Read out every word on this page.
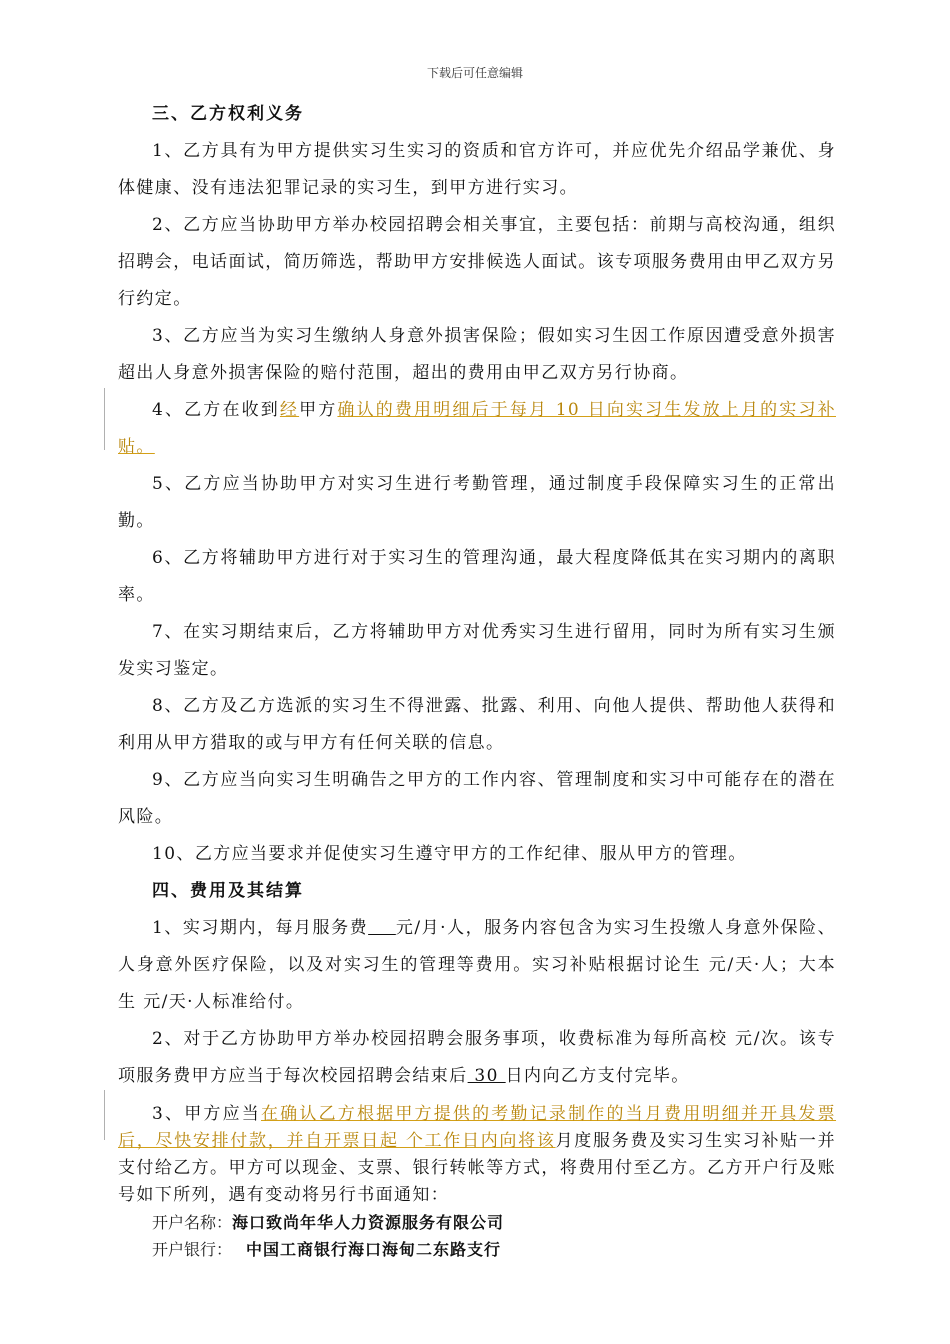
下载后可任意编辑

三、乙方权利义务

1、乙方具有为甲方提供实习生实习的资质和官方许可，并应优先介绍品学兼优、身体健康、没有违法犯罪记录的实习生，到甲方进行实习。

2、乙方应当协助甲方举办校园招聘会相关事宜，主要包括：前期与高校沟通，组织招聘会，电话面试，简历筛选，帮助甲方安排候选人面试。该专项服务费用由甲乙双方另行约定。

3、乙方应当为实习生缴纳人身意外损害保险；假如实习生因工作原因遭受意外损害超出人身意外损害保险的赔付范围，超出的费用由甲乙双方另行协商。

4、乙方在收到经甲方确认的费用明细后于每月 10 日向实习生发放上月的实习补贴。

5、乙方应当协助甲方对实习生进行考勤管理，通过制度手段保障实习生的正常出勤。

6、乙方将辅助甲方进行对于实习生的管理沟通，最大程度降低其在实习期内的离职率。

7、在实习期结束后，乙方将辅助甲方对优秀实习生进行留用，同时为所有实习生颁发实习鉴定。

8、乙方及乙方选派的实习生不得泄露、批露、利用、向他人提供、帮助他人获得和利用从甲方猎取的或与甲方有任何关联的信息。

9、乙方应当向实习生明确告之甲方的工作内容、管理制度和实习中可能存在的潜在风险。

10、乙方应当要求并促使实习生遵守甲方的工作纪律、服从甲方的管理。

四、费用及其结算

1、实习期内，每月服务费 元/月·人，服务内容包含为实习生投缴人身意外保险、人身意外医疗保险，以及对实习生的管理等费用。实习补贴根据讨论生 元/天·人；大本生 元/天·人标准给付。

2、对于乙方协助甲方举办校园招聘会服务事项，收费标准为每所高校 元/次。该专项服务费甲方应当于每次校园招聘会结束后 30 日内向乙方支付完毕。

3、甲方应当在确认乙方根据甲方提供的考勤记录制作的当月费用明细并开具发票后，尽快安排付款，并自开票日起 个工作日内向将该月度服务费及实习生实习补贴一并支付给乙方。甲方可以现金、支票、银行转帐等方式，将费用付至乙方。乙方开户行及账号如下所列，遇有变动将另行书面通知：

开户名称：海口致尚年华人力资源服务有限公司

开户银行： 中国工商银行海口海甸二东路支行
